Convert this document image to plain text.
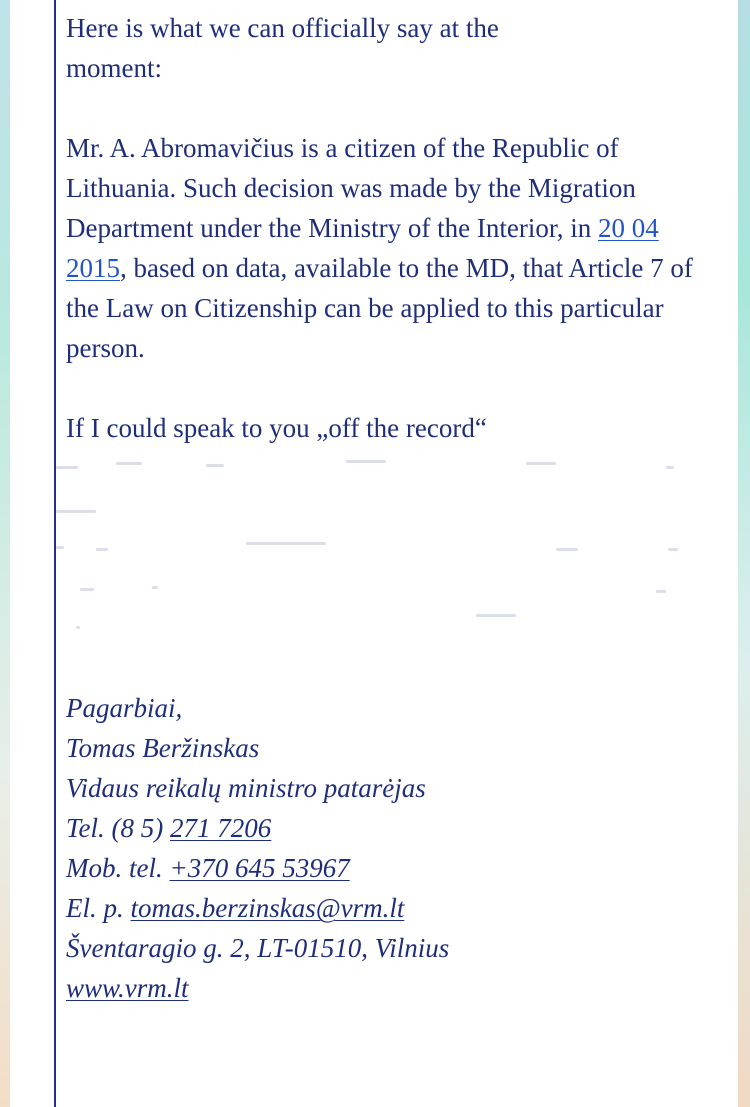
Here is what we can officially say at the

moment:

Mr. A. Abromavičius is a citizen of the Republic of Lithuania. Such decision was made by the Migration Department under the Ministry of the Interior, in 20 04 2015, based on data, available to the MD, that Article 7 of the Law on Citizenship can be applied to this particular person.

If I could speak to you „off the record“

Pagarbiai,

Tomas Beržinskas

Vidaus reikalų ministro patarėjas

Tel. (8 5) 271 7206

Mob. tel. +370 645 53967

El. p. tomas.berzinskas@vrm.lt

Šventaragio g. 2, LT-01510, Vilnius

www.vrm.lt
